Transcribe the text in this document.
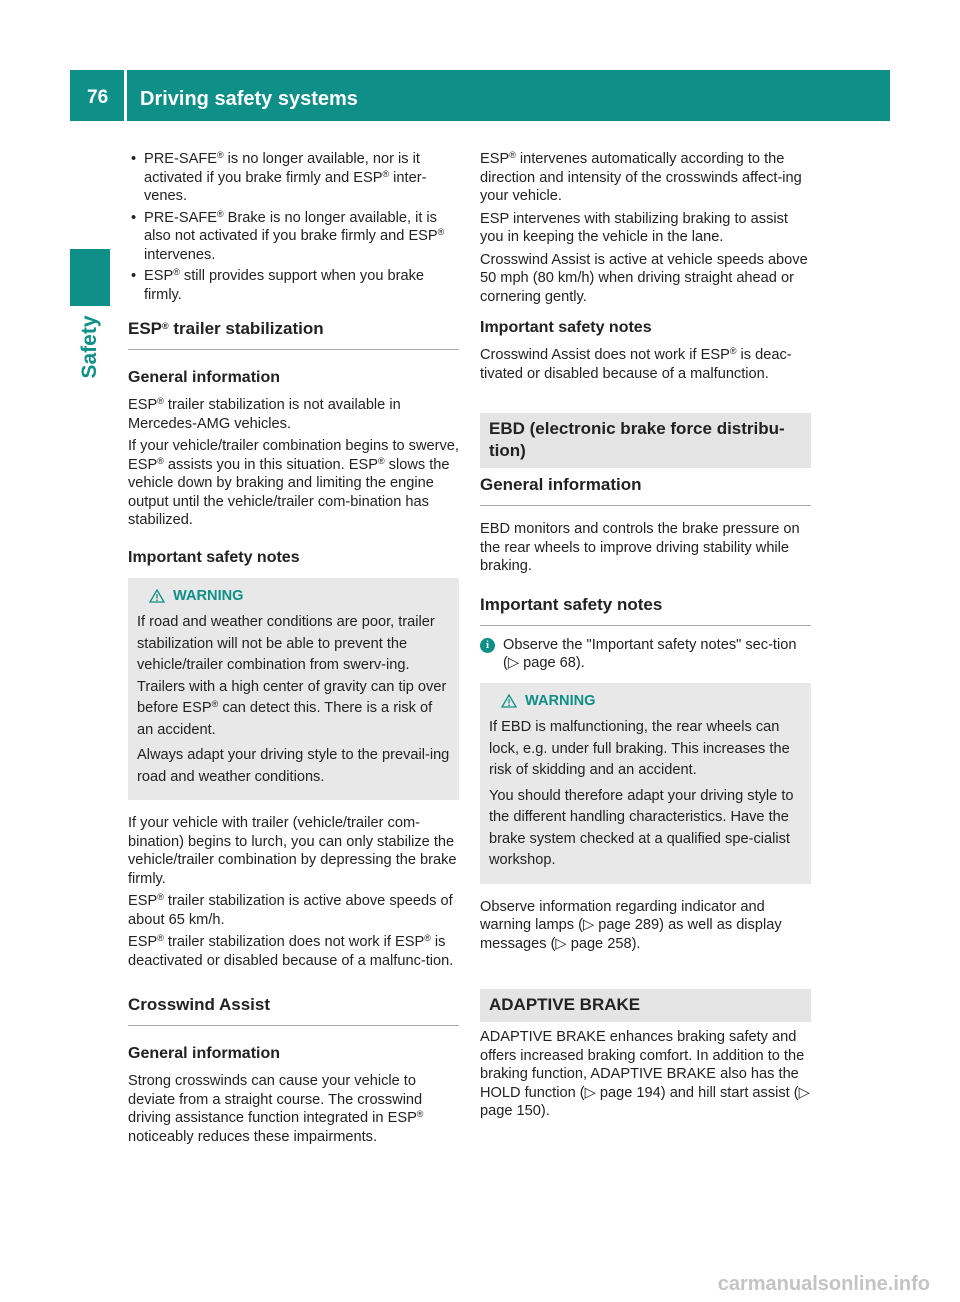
76 Driving safety systems
Safety
• PRE-SAFE® is no longer available, nor is it activated if you brake firmly and ESP® inter-venes.
• PRE-SAFE® Brake is no longer available, it is also not activated if you brake firmly and ESP® intervenes.
• ESP® still provides support when you brake firmly.
ESP® trailer stabilization
General information

ESP® trailer stabilization is not available in Mercedes-AMG vehicles.

If your vehicle/trailer combination begins to swerve, ESP® assists you in this situation. ESP® slows the vehicle down by braking and limiting the engine output until the vehicle/trailer com-bination has stabilized.

Important safety notes
WARNING

If road and weather conditions are poor, trailer stabilization will not be able to prevent the vehicle/trailer combination from swerv-ing. Trailers with a high center of gravity can tip over before ESP® can detect this. There is a risk of an accident.

Always adapt your driving style to the prevail-ing road and weather conditions.

If your vehicle with trailer (vehicle/trailer com-bination) begins to lurch, you can only stabilize the vehicle/trailer combination by depressing the brake firmly.

ESP® trailer stabilization is active above speeds of about 65 km/h.

ESP® trailer stabilization does not work if ESP® is deactivated or disabled because of a malfunc-tion.

Crosswind Assist
General information

Strong crosswinds can cause your vehicle to deviate from a straight course. The crosswind driving assistance function integrated in ESP® noticeably reduces these impairments.

ESP® intervenes automatically according to the direction and intensity of the crosswinds affect-ing your vehicle.

ESP intervenes with stabilizing braking to assist you in keeping the vehicle in the lane.

Crosswind Assist is active at vehicle speeds above 50 mph (80 km/h) when driving straight ahead or cornering gently.

Important safety notes

Crosswind Assist does not work if ESP® is deac-tivated or disabled because of a malfunction.

EBD (electronic brake force distribu-tion)
General information

EBD monitors and controls the brake pressure on the rear wheels to improve driving stability while braking.

Important safety notes
i Observe the "Important safety notes" sec-tion (▷ page 68).
WARNING

If EBD is malfunctioning, the rear wheels can lock, e.g. under full braking. This increases the risk of skidding and an accident.

You should therefore adapt your driving style to the different handling characteristics. Have the brake system checked at a qualified spe-cialist workshop.

Observe information regarding indicator and warning lamps (▷ page 289) as well as display messages (▷ page 258).

ADAPTIVE BRAKE

ADAPTIVE BRAKE enhances braking safety and offers increased braking comfort. In addition to the braking function, ADAPTIVE BRAKE also has the HOLD function (▷ page 194) and hill start assist (▷ page 150).

carmanualsonline.info
